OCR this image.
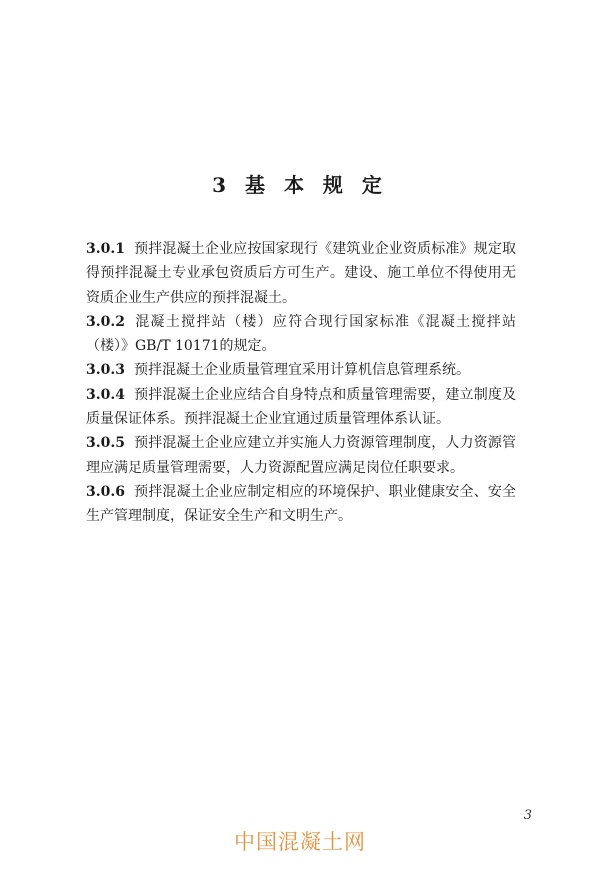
3 基 本 规 定

3.0.1 预拌混凝土企业应按国家现行《建筑业企业资质标准》规定取得预拌混凝土专业承包资质后方可生产。建设、施工单位不得使用无资质企业生产供应的预拌混凝土。

3.0.2 混凝土搅拌站（楼）应符合现行国家标准《混凝土搅拌站（楼）》GB/T 10171的规定。

3.0.3 预拌混凝土企业质量管理宜采用计算机信息管理系统。

3.0.4 预拌混凝土企业应结合自身特点和质量管理需要，建立制度及质量保证体系。预拌混凝土企业宜通过质量管理体系认证。

3.0.5 预拌混凝土企业应建立并实施人力资源管理制度，人力资源管理应满足质量管理需要，人力资源配置应满足岗位任职要求。

3.0.6 预拌混凝土企业应制定相应的环境保护、职业健康安全、安全生产管理制度，保证安全生产和文明生产。

3
中国混凝土网
